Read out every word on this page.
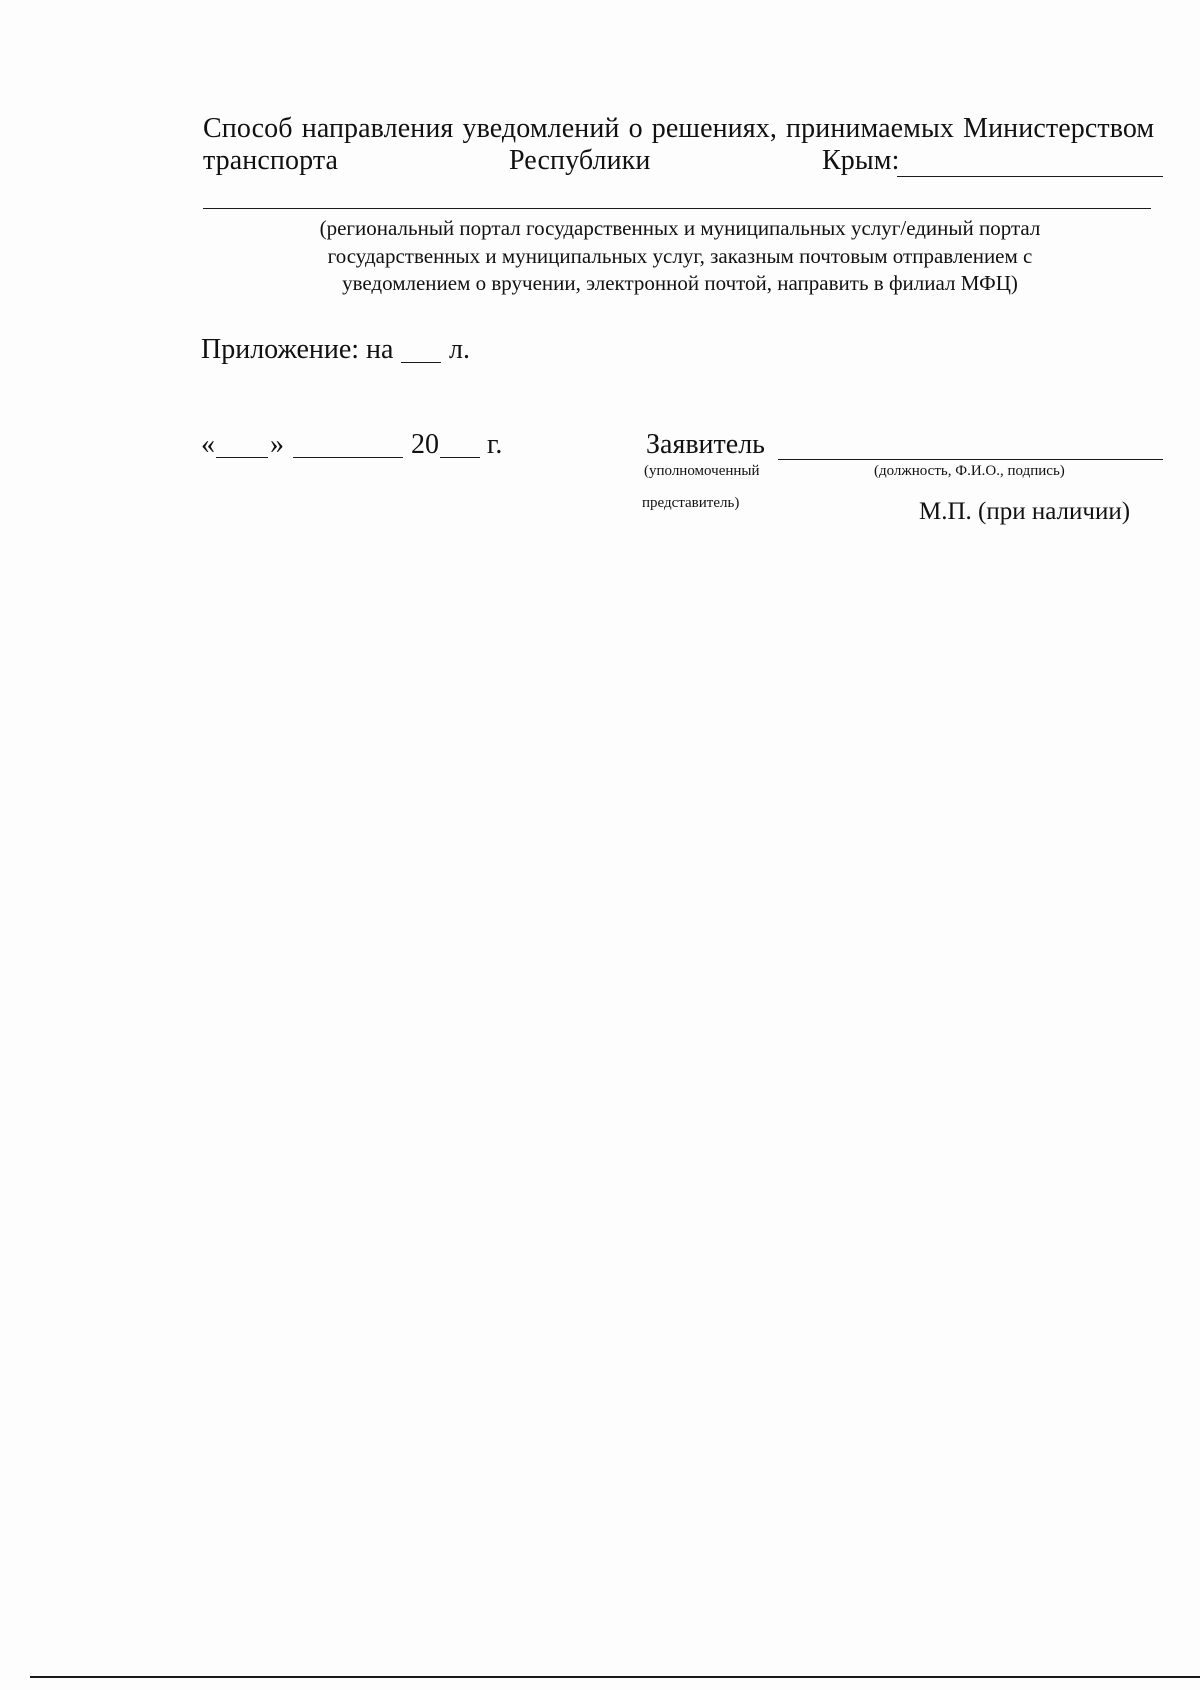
Способ направления уведомлений о решениях, принимаемых Министерством
транспорта	Республики	Крым:
(региональный портал государственных и муниципальных услуг/единый портал
государственных и муниципальных услуг, заказным почтовым отправлением с
уведомлением о вручении, электронной почтой, направить в филиал МФЦ)
Приложение: на л.
« »	20 г.	Заявитель
(уполномоченный	(должность, Ф.И.О., подпись)
представитель)	М.П. (при наличии)
